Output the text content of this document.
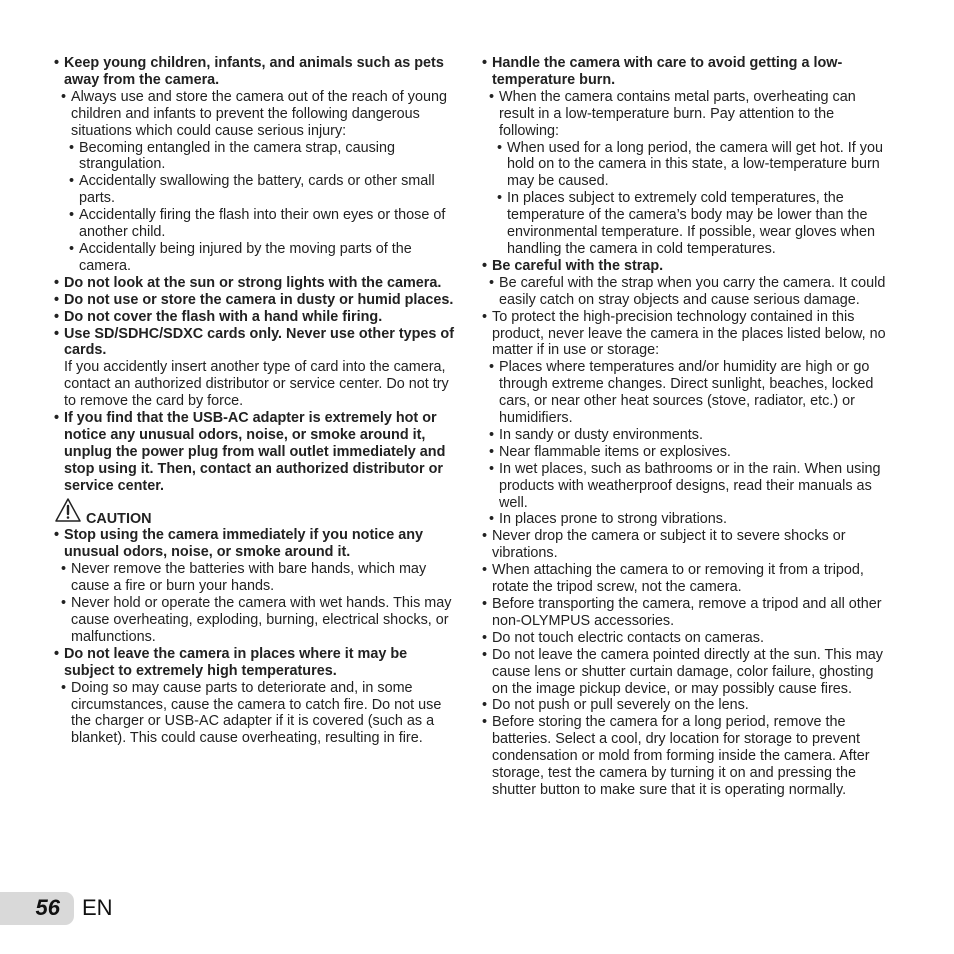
• Keep young children, infants, and animals such as pets away from the camera.
• Always use and store the camera out of the reach of young children and infants to prevent the following dangerous situations which could cause serious injury:
• Becoming entangled in the camera strap, causing strangulation.
• Accidentally swallowing the battery, cards or other small parts.
• Accidentally firing the flash into their own eyes or those of another child.
• Accidentally being injured by the moving parts of the camera.
• Do not look at the sun or strong lights with the camera.
• Do not use or store the camera in dusty or humid places.
• Do not cover the flash with a hand while firing.
• Use SD/SDHC/SDXC cards only. Never use other types of cards.
If you accidently insert another type of card into the camera, contact an authorized distributor or service center. Do not try to remove the card by force.
• If you find that the USB-AC adapter is extremely hot or notice any unusual odors, noise, or smoke around it, unplug the power plug from wall outlet immediately and stop using it. Then, contact an authorized distributor or service center.
CAUTION
• Stop using the camera immediately if you notice any unusual odors, noise, or smoke around it.
• Never remove the batteries with bare hands, which may cause a fire or burn your hands.
• Never hold or operate the camera with wet hands. This may cause overheating, exploding, burning, electrical shocks, or malfunctions.
• Do not leave the camera in places where it may be subject to extremely high temperatures.
• Doing so may cause parts to deteriorate and, in some circumstances, cause the camera to catch fire. Do not use the charger or USB-AC adapter if it is covered (such as a blanket). This could cause overheating, resulting in fire.
• Handle the camera with care to avoid getting a low-temperature burn.
• When the camera contains metal parts, overheating can result in a low-temperature burn. Pay attention to the following:
• When used for a long period, the camera will get hot. If you hold on to the camera in this state, a low-temperature burn may be caused.
• In places subject to extremely cold temperatures, the temperature of the camera’s body may be lower than the environmental temperature. If possible, wear gloves when handling the camera in cold temperatures.
• Be careful with the strap.
• Be careful with the strap when you carry the camera. It could easily catch on stray objects and cause serious damage.
• To protect the high-precision technology contained in this product, never leave the camera in the places listed below, no matter if in use or storage:
• Places where temperatures and/or humidity are high or go through extreme changes. Direct sunlight, beaches, locked cars, or near other heat sources (stove, radiator, etc.) or humidifiers.
• In sandy or dusty environments.
• Near flammable items or explosives.
• In wet places, such as bathrooms or in the rain. When using products with weatherproof designs, read their manuals as well.
• In places prone to strong vibrations.
• Never drop the camera or subject it to severe shocks or vibrations.
• When attaching the camera to or removing it from a tripod, rotate the tripod screw, not the camera.
• Before transporting the camera, remove a tripod and all other non-OLYMPUS accessories.
• Do not touch electric contacts on cameras.
• Do not leave the camera pointed directly at the sun. This may cause lens or shutter curtain damage, color failure, ghosting on the image pickup device, or may possibly cause fires.
• Do not push or pull severely on the lens.
• Before storing the camera for a long period, remove the batteries. Select a cool, dry location for storage to prevent condensation or mold from forming inside the camera. After storage, test the camera by turning it on and pressing the shutter button to make sure that it is operating normally.
56 EN
